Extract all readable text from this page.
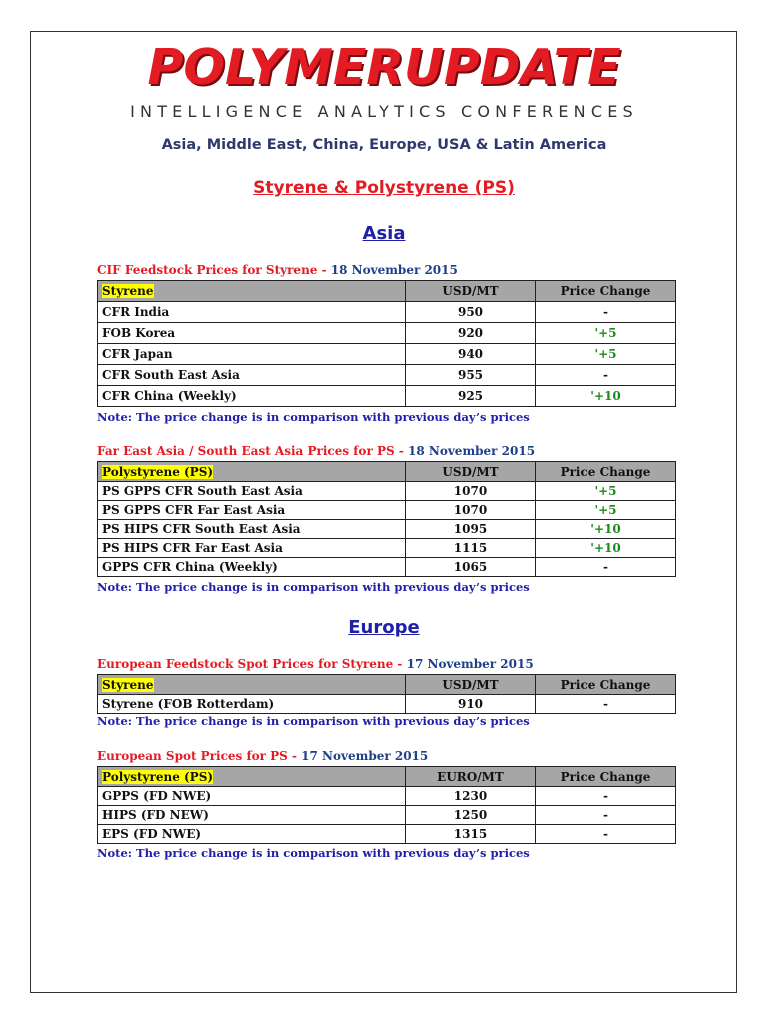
POLYMERUPDATE
INTELLIGENCE ANALYTICS CONFERENCES
Asia, Middle East, China, Europe, USA & Latin America
Styrene & Polystyrene (PS)
Asia
CIF Feedstock Prices for Styrene - 18 November 2015
Styrene	USD/MT	Price Change
CFR India	950	-
FOB Korea	920	'+5
CFR Japan	940	'+5
CFR South East Asia	955	-
CFR China (Weekly)	925	'+10
Note: The price change is in comparison with previous day’s prices
Far East Asia / South East Asia Prices for PS - 18 November 2015
Polystyrene (PS)	USD/MT	Price Change
PS GPPS CFR South East Asia	1070	'+5
PS GPPS CFR Far East Asia	1070	'+5
PS HIPS CFR South East Asia	1095	'+10
PS HIPS CFR Far East Asia	1115	'+10
GPPS CFR China (Weekly)	1065	-
Note: The price change is in comparison with previous day’s prices
Europe
European Feedstock Spot Prices for Styrene - 17 November 2015
Styrene	USD/MT	Price Change
Styrene (FOB Rotterdam)	910	-
Note: The price change is in comparison with previous day’s prices
European Spot Prices for PS - 17 November 2015
Polystyrene (PS)	EURO/MT	Price Change
GPPS (FD NWE)	1230	-
HIPS (FD NEW)	1250	-
EPS (FD NWE)	1315	-
Note: The price change is in comparison with previous day’s prices
